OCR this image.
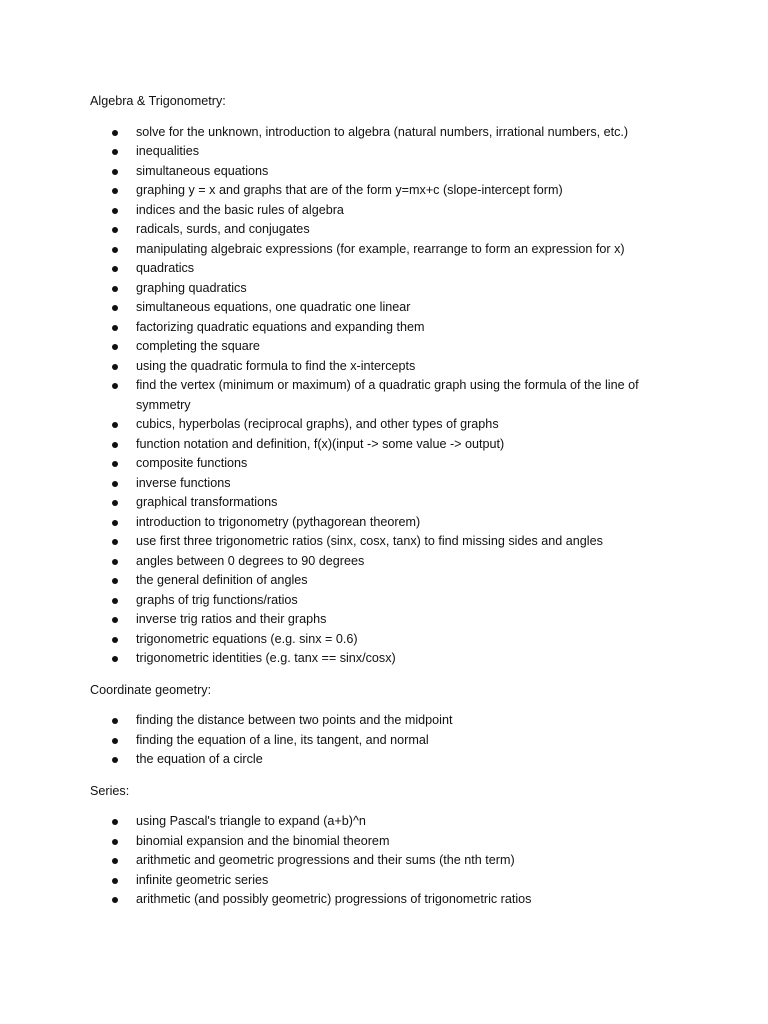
Algebra & Trigonometry:

solve for the unknown, introduction to algebra (natural numbers, irrational numbers, etc.)
inequalities
simultaneous equations
graphing y = x and graphs that are of the form y=mx+c (slope-intercept form)
indices and the basic rules of algebra
radicals, surds, and conjugates
manipulating algebraic expressions (for example, rearrange to form an expression for x)
quadratics
graphing quadratics
simultaneous equations, one quadratic one linear
factorizing quadratic equations and expanding them
completing the square
using the quadratic formula to find the x-intercepts
find the vertex (minimum or maximum) of a quadratic graph using the formula of the line of symmetry
cubics, hyperbolas (reciprocal graphs), and other types of graphs
function notation and definition, f(x)(input -> some value -> output)
composite functions
inverse functions
graphical transformations
introduction to trigonometry (pythagorean theorem)
use first three trigonometric ratios (sinx, cosx, tanx) to find missing sides and angles
angles between 0 degrees to 90 degrees
the general definition of angles
graphs of trig functions/ratios
inverse trig ratios and their graphs
trigonometric equations (e.g. sinx = 0.6)
trigonometric identities (e.g. tanx == sinx/cosx)

Coordinate geometry:

finding the distance between two points and the midpoint
finding the equation of a line, its tangent, and normal
the equation of a circle

Series:

using Pascal's triangle to expand (a+b)^n
binomial expansion and the binomial theorem
arithmetic and geometric progressions and their sums (the nth term)
infinite geometric series
arithmetic (and possibly geometric) progressions of trigonometric ratios
